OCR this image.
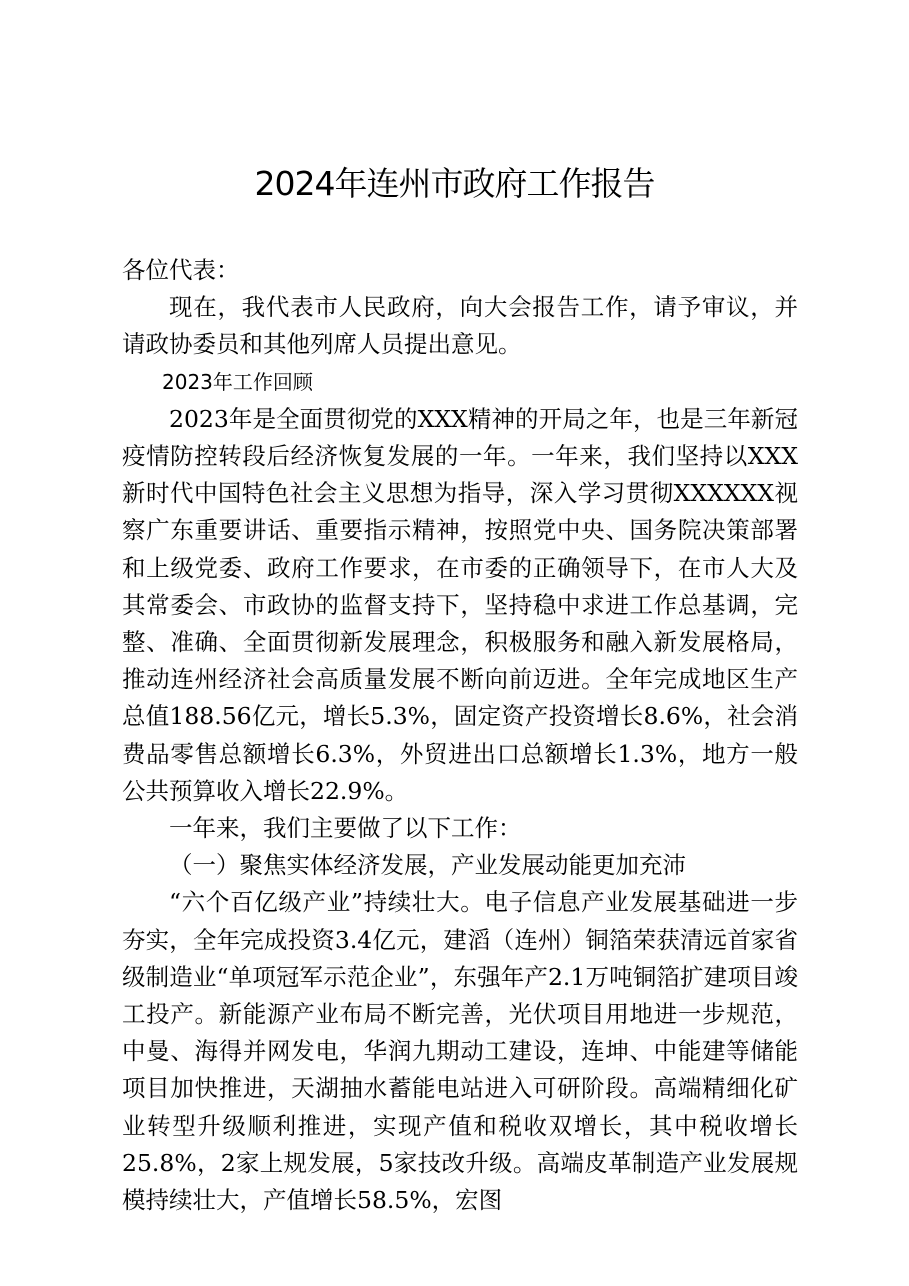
2024年连州市政府工作报告

各位代表：

现在，我代表市人民政府，向大会报告工作，请予审议，并请政协委员和其他列席人员提出意见。

2023年工作回顾

2023年是全面贯彻党的XXX精神的开局之年，也是三年新冠疫情防控转段后经济恢复发展的一年。一年来，我们坚持以XXX新时代中国特色社会主义思想为指导，深入学习贯彻XXXXXX视察广东重要讲话、重要指示精神，按照党中央、国务院决策部署和上级党委、政府工作要求，在市委的正确领导下，在市人大及其常委会、市政协的监督支持下，坚持稳中求进工作总基调，完整、准确、全面贯彻新发展理念，积极服务和融入新发展格局，推动连州经济社会高质量发展不断向前迈进。全年完成地区生产总值188.56亿元，增长5.3%，固定资产投资增长8.6%，社会消费品零售总额增长6.3%，外贸进出口总额增长1.3%，地方一般公共预算收入增长22.9%。

一年来，我们主要做了以下工作：

（一）聚焦实体经济发展，产业发展动能更加充沛

“六个百亿级产业”持续壮大。电子信息产业发展基础进一步夯实，全年完成投资3.4亿元，建滔（连州）铜箔荣获清远首家省级制造业“单项冠军示范企业”，东强年产2.1万吨铜箔扩建项目竣工投产。新能源产业布局不断完善，光伏项目用地进一步规范，中曼、海得并网发电，华润九期动工建设，连坤、中能建等储能项目加快推进，天湖抽水蓄能电站进入可研阶段。高端精细化矿业转型升级顺利推进，实现产值和税收双增长，其中税收增长25.8%，2家上规发展，5家技改升级。高端皮革制造产业发展规模持续壮大，产值增长58.5%，宏图
